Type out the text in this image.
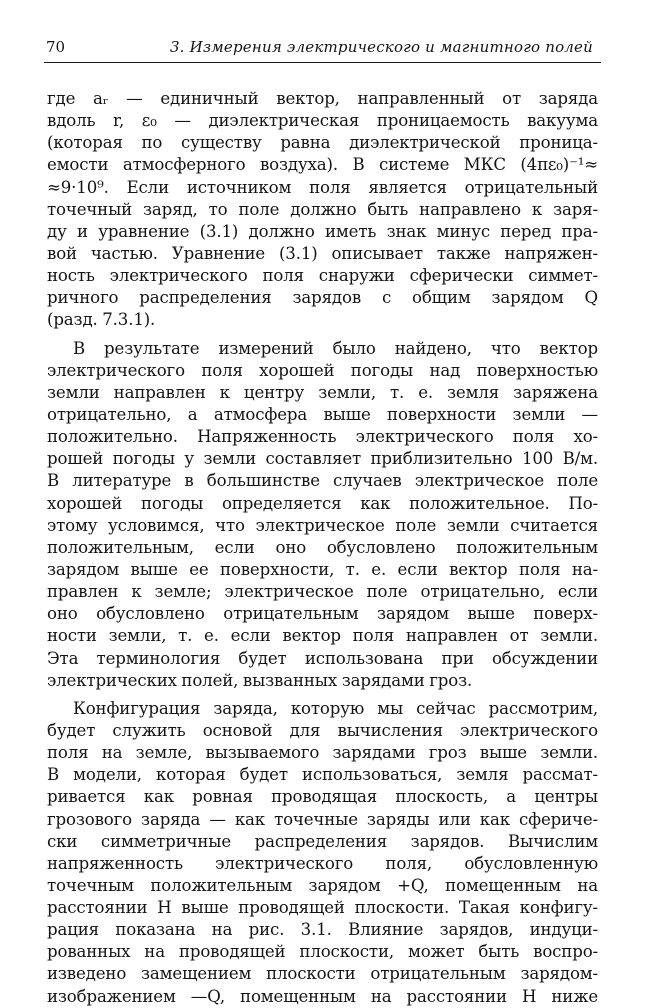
70	3. Измерения электрического и магнитного полей
где aᵣ — единичный вектор, направленный от заряда
вдоль r, ε₀ — диэлектрическая проницаемость вакуума
(которая по существу равна диэлектрической проница-
емости атмосферного воздуха). В системе МКС (4πε₀)⁻¹≈
≈9·10⁹. Если источником поля является отрицательный
точечный заряд, то поле должно быть направлено к заря-
ду и уравнение (3.1) должно иметь знак минус перед пра-
вой частью. Уравнение (3.1) описывает также напряжен-
ность электрического поля снаружи сферически симмет-
ричного распределения зарядов с общим зарядом Q
(разд. 7.3.1).
В результате измерений было найдено, что вектор
электрического поля хорошей погоды над поверхностью
земли направлен к центру земли, т. е. земля заряжена
отрицательно, а атмосфера выше поверхности земли —
положительно. Напряженность электрического поля хо-
рошей погоды у земли составляет приблизительно 100 В/м.
В литературе в большинстве случаев электрическое поле
хорошей погоды определяется как положительное. По-
этому условимся, что электрическое поле земли считается
положительным, если оно обусловлено положительным
зарядом выше ее поверхности, т. е. если вектор поля на-
правлен к земле; электрическое поле отрицательно, если
оно обусловлено отрицательным зарядом выше поверх-
ности земли, т. е. если вектор поля направлен от земли.
Эта терминология будет использована при обсуждении
электрических полей, вызванных зарядами гроз.
Конфигурация заряда, которую мы сейчас рассмотрим,
будет служить основой для вычисления электрического
поля на земле, вызываемого зарядами гроз выше земли.
В модели, которая будет использоваться, земля рассмат-
ривается как ровная проводящая плоскость, а центры
грозового заряда — как точечные заряды или как сфериче-
ски симметричные распределения зарядов. Вычислим
напряженность электрического поля, обусловленную
точечным положительным зарядом +Q, помещенным на
расстоянии H выше проводящей плоскости. Такая конфигу-
рация показана на рис. 3.1. Влияние зарядов, индуци-
рованных на проводящей плоскости, может быть воспро-
изведено замещением плоскости отрицательным зарядом-
изображением —Q, помещенным на расстоянии H ниже
